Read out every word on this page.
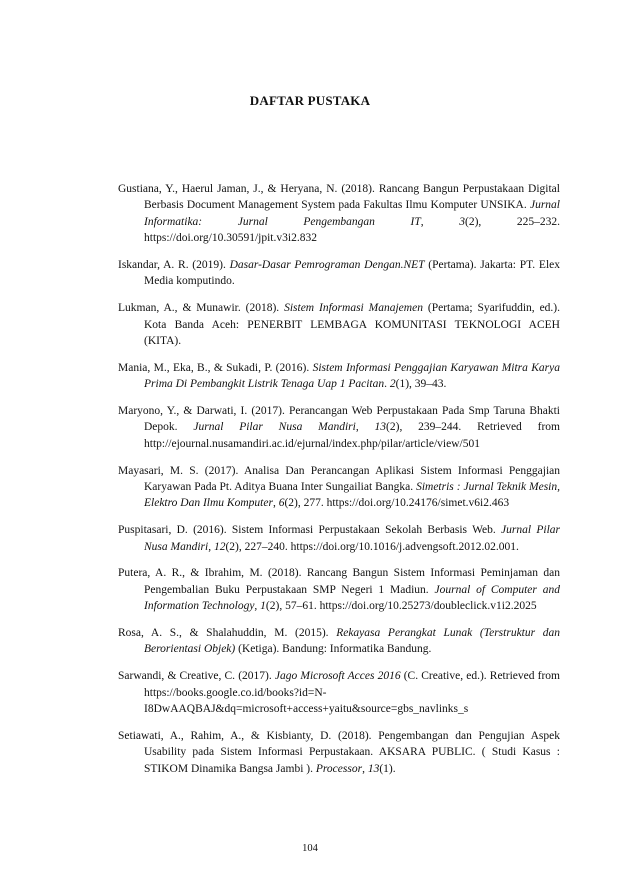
DAFTAR PUSTAKA
Gustiana, Y., Haerul Jaman, J., & Heryana, N. (2018). Rancang Bangun Perpustakaan Digital Berbasis Document Management System pada Fakultas Ilmu Komputer UNSIKA. Jurnal Informatika: Jurnal Pengembangan IT, 3(2), 225–232. https://doi.org/10.30591/jpit.v3i2.832
Iskandar, A. R. (2019). Dasar-Dasar Pemrograman Dengan.NET (Pertama). Jakarta: PT. Elex Media komputindo.
Lukman, A., & Munawir. (2018). Sistem Informasi Manajemen (Pertama; Syarifuddin, ed.). Kota Banda Aceh: PENERBIT LEMBAGA KOMUNITASI TEKNOLOGI ACEH (KITA).
Mania, M., Eka, B., & Sukadi, P. (2016). Sistem Informasi Penggajian Karyawan Mitra Karya Prima Di Pembangkit Listrik Tenaga Uap 1 Pacitan. 2(1), 39–43.
Maryono, Y., & Darwati, I. (2017). Perancangan Web Perpustakaan Pada Smp Taruna Bhakti Depok. Jurnal Pilar Nusa Mandiri, 13(2), 239–244. Retrieved from http://ejournal.nusamandiri.ac.id/ejurnal/index.php/pilar/article/view/501
Mayasari, M. S. (2017). Analisa Dan Perancangan Aplikasi Sistem Informasi Penggajian Karyawan Pada Pt. Aditya Buana Inter Sungailiat Bangka. Simetris : Jurnal Teknik Mesin, Elektro Dan Ilmu Komputer, 6(2), 277. https://doi.org/10.24176/simet.v6i2.463
Puspitasari, D. (2016). Sistem Informasi Perpustakaan Sekolah Berbasis Web. Jurnal Pilar Nusa Mandiri, 12(2), 227–240. https://doi.org/10.1016/j.advengsoft.2012.02.001.
Putera, A. R., & Ibrahim, M. (2018). Rancang Bangun Sistem Informasi Peminjaman dan Pengembalian Buku Perpustakaan SMP Negeri 1 Madiun. Journal of Computer and Information Technology, 1(2), 57–61. https://doi.org/10.25273/doubleclick.v1i2.2025
Rosa, A. S., & Shalahuddin, M. (2015). Rekayasa Perangkat Lunak (Terstruktur dan Berorientasi Objek) (Ketiga). Bandung: Informatika Bandung.
Sarwandi, & Creative, C. (2017). Jago Microsoft Acces 2016 (C. Creative, ed.). Retrieved from https://books.google.co.id/books?id=N-I8DwAAQBAJ&dq=microsoft+access+yaitu&source=gbs_navlinks_s
Setiawati, A., Rahim, A., & Kisbianty, D. (2018). Pengembangan dan Pengujian Aspek Usability pada Sistem Informasi Perpustakaan. AKSARA PUBLIC. ( Studi Kasus : STIKOM Dinamika Bangsa Jambi ). Processor, 13(1).
104
